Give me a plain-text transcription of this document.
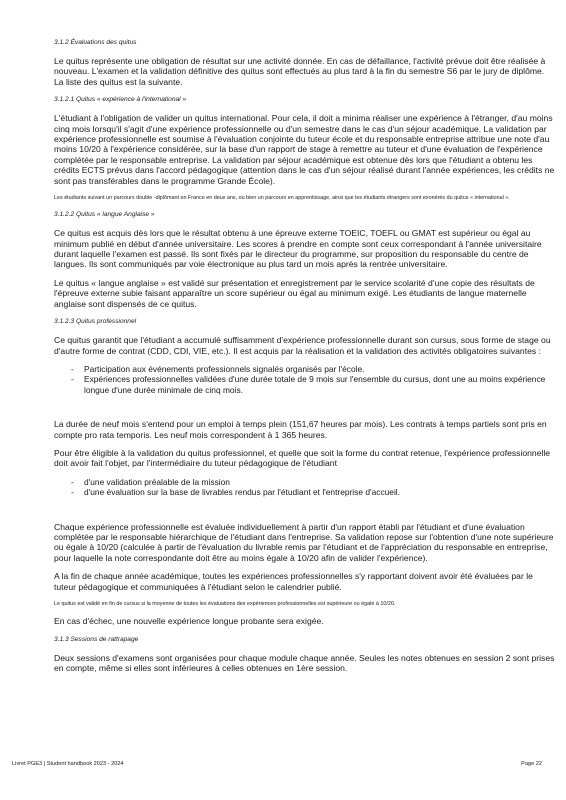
3.1.2 Évaluations des quitus

Le quitus représente une obligation de résultat sur une activité donnée. En cas de défaillance, l'activité prévue doit être réalisée à nouveau. L'examen et la validation définitive des quitus sont effectués au plus tard à la fin du semestre S6 par le jury de diplôme. La liste des quitus est la suivante.

3.1.2.1 Quitus « expérience à l'international »

L'étudiant à l'obligation de valider un quitus international. Pour cela, il doit a minima réaliser une expérience à l'étranger, d'au moins cinq mois lorsqu'il s'agit d'une expérience professionnelle ou d'un semestre dans le cas d'un séjour académique. La validation par expérience professionnelle est soumise à l'évaluation conjointe du tuteur école et du responsable entreprise attribue une note d'au moins 10/20 à l'expérience considérée, sur la base d'un rapport de stage à remettre au tuteur et d'une évaluation de l'expérience complétée par le responsable entreprise. La validation par séjour académique est obtenue dès lors que l'étudiant a obtenu les crédits ECTS prévus dans l'accord pédagogique (attention dans le cas d'un séjour réalisé durant l'année expériences, les crédits ne sont pas transférables dans le programme Grande École).

Les étudiants suivant un parcours double -diplômant en France en deux ans, ou bien un parcours en apprentissage, ainsi que les étudiants étrangers sont exonérés du quitus « international ».

3.1.2.2 Quitus « langue Anglaise »

Ce quitus est acquis dès lors que le résultat obtenu à une épreuve externe TOEIC, TOEFL ou GMAT est supérieur ou égal au minimum publié en début d'année universitaire. Les scores à prendre en compte sont ceux correspondant à l'année universitaire durant laquelle l'examen est passé. Ils sont fixés par le directeur du programme, sur proposition du responsable du centre de langues. Ils sont communiqués par voie électronique au plus tard un mois après la rentrée universitaire.

Le quitus « langue anglaise » est validé sur présentation et enregistrement par le service scolarité d'une copie des résultats de l'épreuve externe subie faisant apparaître un score supérieur ou égal au minimum exigé. Les étudiants de langue maternelle anglaise sont dispensés de ce quitus.

3.1.2.3 Quitus professionnel

Ce quitus garantit que l'étudiant a accumulé suffisamment d'expérience professionnelle durant son cursus, sous forme de stage ou d'autre forme de contrat (CDD, CDI, VIE, etc.). Il est acquis par la réalisation et la validation des activités obligatoires suivantes :

- Participation aux événements professionnels signalés organisés par l'école.
- Expériences professionnelles validées d'une durée totale de 9 mois sur l'ensemble du cursus, dont une au moins expérience longue d'une durée minimale de cinq mois.

La durée de neuf mois s'entend pour un emploi à temps plein (151,67 heures par mois). Les contrats à temps partiels sont pris en compte pro rata temporis. Les neuf mois correspondent à 1 365 heures.

Pour être éligible à la validation du quitus professionnel, et quelle que soit la forme du contrat retenue, l'expérience professionnelle doit avoir fait l'objet, par l'intermédiaire du tuteur pédagogique de l'étudiant

- d'une validation préalable de la mission
- d'une évaluation sur la base de livrables rendus par l'étudiant et l'entreprise d'accueil.

Chaque expérience professionnelle est évaluée individuellement à partir d'un rapport établi par l'étudiant et d'une évaluation complétée par le responsable hiérarchique de l'étudiant dans l'entreprise. Sa validation repose sur l'obtention d'une note supérieure ou égale à 10/20 (calculée à partir de l'évaluation du livrable remis par l'étudiant et de l'appréciation du responsable en entreprise, pour laquelle la note correspondante doit être au moins égale à 10/20 afin de valider l'expérience).

A la fin de chaque année académique, toutes les expériences professionnelles s'y rapportant doivent avoir été évaluées par le tuteur pédagogique et communiquées à l'étudiant selon le calendrier publié.

Le quitus est validé en fin de cursus si la moyenne de toutes les évaluations des expériences professionnelles est supérieure ou égale à 10/20.

En cas d'échec, une nouvelle expérience longue probante sera exigée.

3.1.3 Sessions de rattrapage

Deux sessions d'examens sont organisées pour chaque module chaque année. Seules les notes obtenues en session 2 sont prises en compte, même si elles sont inférieures à celles obtenues en 1ère session.

Livret PGE3 | Student handbook 2023 - 2024	Page 22
